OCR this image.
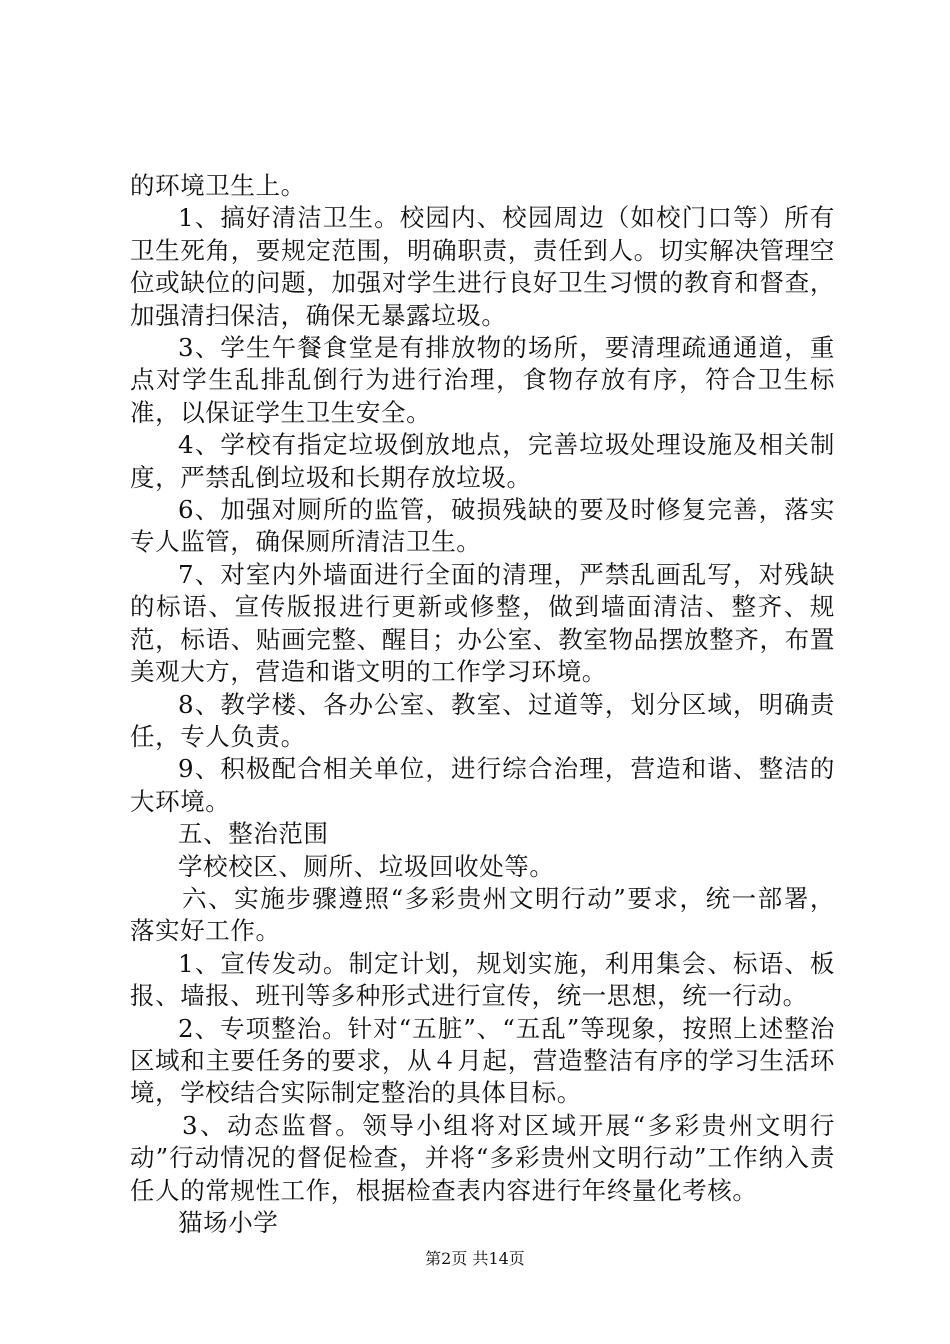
的环境卫生上。

1、搞好清洁卫生。校园内、校园周边（如校门口等）所有卫生死角，要规定范围，明确职责，责任到人。切实解决管理空位或缺位的问题，加强对学生进行良好卫生习惯的教育和督查，加强清扫保洁，确保无暴露垃圾。

3、学生午餐食堂是有排放物的场所，要清理疏通通道，重点对学生乱排乱倒行为进行治理，食物存放有序，符合卫生标准，以保证学生卫生安全。

4、学校有指定垃圾倒放地点，完善垃圾处理设施及相关制度，严禁乱倒垃圾和长期存放垃圾。

6、加强对厕所的监管，破损残缺的要及时修复完善，落实专人监管，确保厕所清洁卫生。

7、对室内外墙面进行全面的清理，严禁乱画乱写，对残缺的标语、宣传版报进行更新或修整，做到墙面清洁、整齐、规范，标语、贴画完整、醒目；办公室、教室物品摆放整齐，布置美观大方，营造和谐文明的工作学习环境。

8、教学楼、各办公室、教室、过道等，划分区域，明确责任，专人负责。

9、积极配合相关单位，进行综合治理，营造和谐、整洁的大环境。

五、整治范围

学校校区、厕所、垃圾回收处等。

六、实施步骤遵照“多彩贵州文明行动”要求，统一部署，落实好工作。

1、宣传发动。制定计划，规划实施，利用集会、标语、板报、墙报、班刊等多种形式进行宣传，统一思想，统一行动。

2、专项整治。针对“五脏”、“五乱”等现象，按照上述整治区域和主要任务的要求，从４月起，营造整洁有序的学习生活环境，学校结合实际制定整治的具体目标。

3、动态监督。领导小组将对区域开展“多彩贵州文明行动”行动情况的督促检查，并将“多彩贵州文明行动”工作纳入责任人的常规性工作，根据检查表内容进行年终量化考核。

猫场小学

第2页 共14页
